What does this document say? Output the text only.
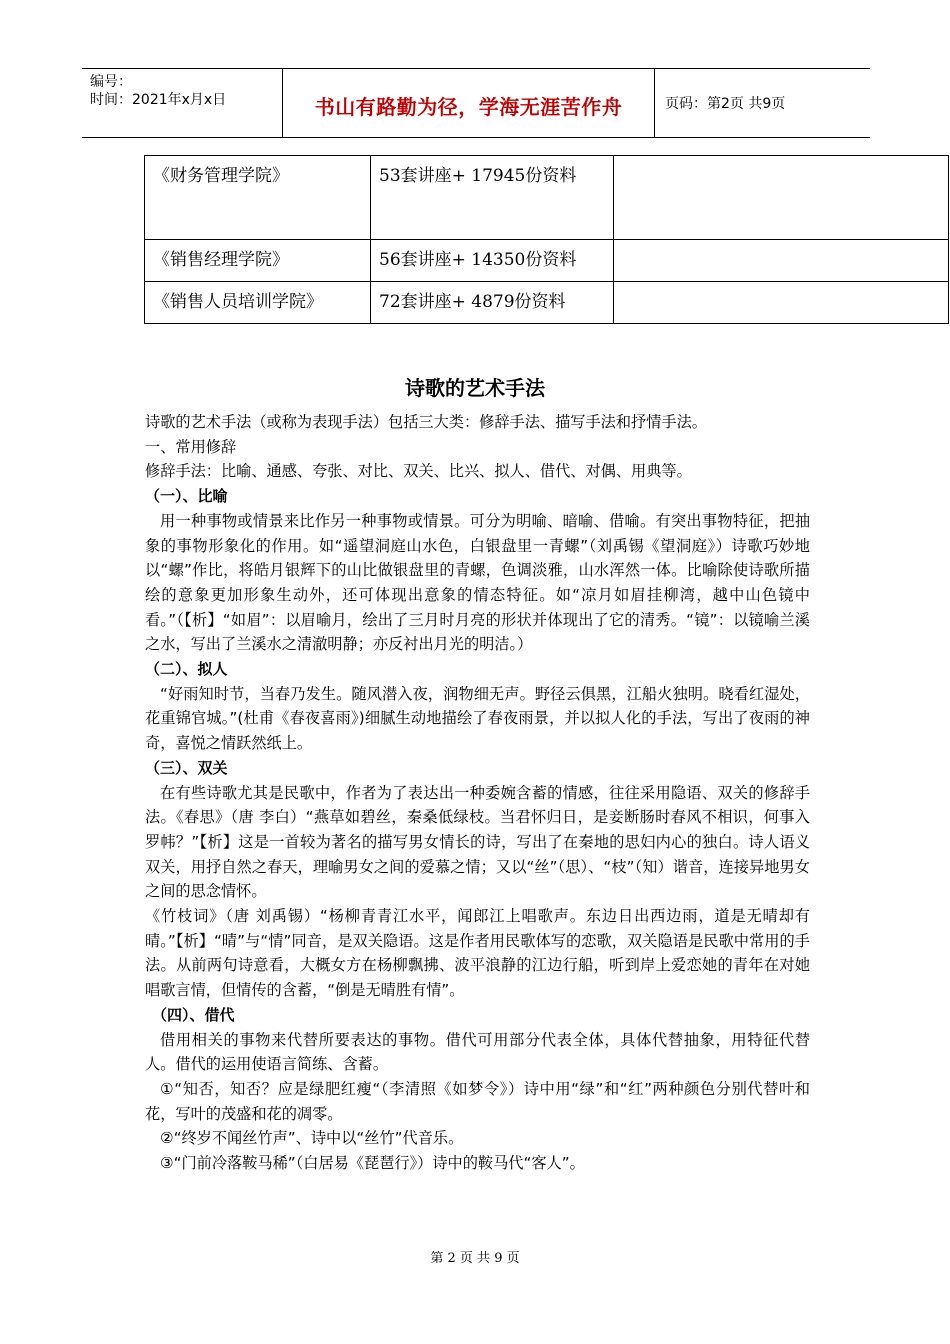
编号：
时间：2021年x月x日	书山有路勤为径，学海无涯苦作舟	页码：第2页 共9页
《财务管理学院》	53套讲座+ 17945份资料	
《销售经理学院》	56套讲座+ 14350份资料	
《销售人员培训学院》	72套讲座+ 4879份资料	
诗歌的艺术手法

诗歌的艺术手法（或称为表现手法）包括三大类：修辞手法、描写手法和抒情手法。

一、常用修辞

修辞手法：比喻、通感、夸张、对比、双关、比兴、拟人、借代、对偶、用典等。

（一）、比喻

用一种事物或情景来比作另一种事物或情景。可分为明喻、暗喻、借喻。有突出事物特征，把抽象的事物形象化的作用。如“遥望洞庭山水色，白银盘里一青螺”（刘禹锡《望洞庭》）诗歌巧妙地以“螺”作比，将皓月银辉下的山比做银盘里的青螺，色调淡雅，山水浑然一体。比喻除使诗歌所描绘的意象更加形象生动外，还可体现出意象的情态特征。如“凉月如眉挂柳湾，越中山色镜中看。”（【析】“如眉”：以眉喻月，绘出了三月时月亮的形状并体现出了它的清秀。“镜”：以镜喻兰溪之水，写出了兰溪水之清澈明静；亦反衬出月光的明洁。）

（二）、拟人

“好雨知时节，当春乃发生。随风潜入夜，润物细无声。野径云俱黑，江船火独明。晓看红湿处，花重锦官城。”(杜甫《春夜喜雨》)细腻生动地描绘了春夜雨景，并以拟人化的手法，写出了夜雨的神奇，喜悦之情跃然纸上。

（三）、双关

在有些诗歌尤其是民歌中，作者为了表达出一种委婉含蓄的情感，往往采用隐语、双关的修辞手法。《春思》（唐 李白）“燕草如碧丝，秦桑低绿枝。当君怀归日，是妾断肠时春风不相识，何事入罗帏？”【析】这是一首较为著名的描写男女情长的诗，写出了在秦地的思妇内心的独白。诗人语义双关，用抒自然之春天，理喻男女之间的爱慕之情；又以“丝”（思）、“枝”（知）谐音，连接异地男女之间的思念情怀。

《竹枝词》（唐 刘禹锡）“杨柳青青江水平，闻郎江上唱歌声。东边日出西边雨，道是无晴却有晴。”【析】“晴”与“情”同音，是双关隐语。这是作者用民歌体写的恋歌，双关隐语是民歌中常用的手法。从前两句诗意看，大概女方在杨柳飘拂、波平浪静的江边行船，听到岸上爱恋她的青年在对她唱歌言情，但情传的含蓄，“倒是无晴胜有情”。

（四）、借代

借用相关的事物来代替所要表达的事物。借代可用部分代表全体，具体代替抽象，用特征代替人。借代的运用使语言简练、含蓄。

①“知否，知否？应是绿肥红瘦“（李清照《如梦令》）诗中用“绿”和“红”两种颜色分别代替叶和花，写叶的茂盛和花的凋零。

②“终岁不闻丝竹声”、诗中以“丝竹”代音乐。

③“门前冷落鞍马稀”（白居易《琵琶行》）诗中的鞍马代“客人”。

第 2 页 共 9 页
